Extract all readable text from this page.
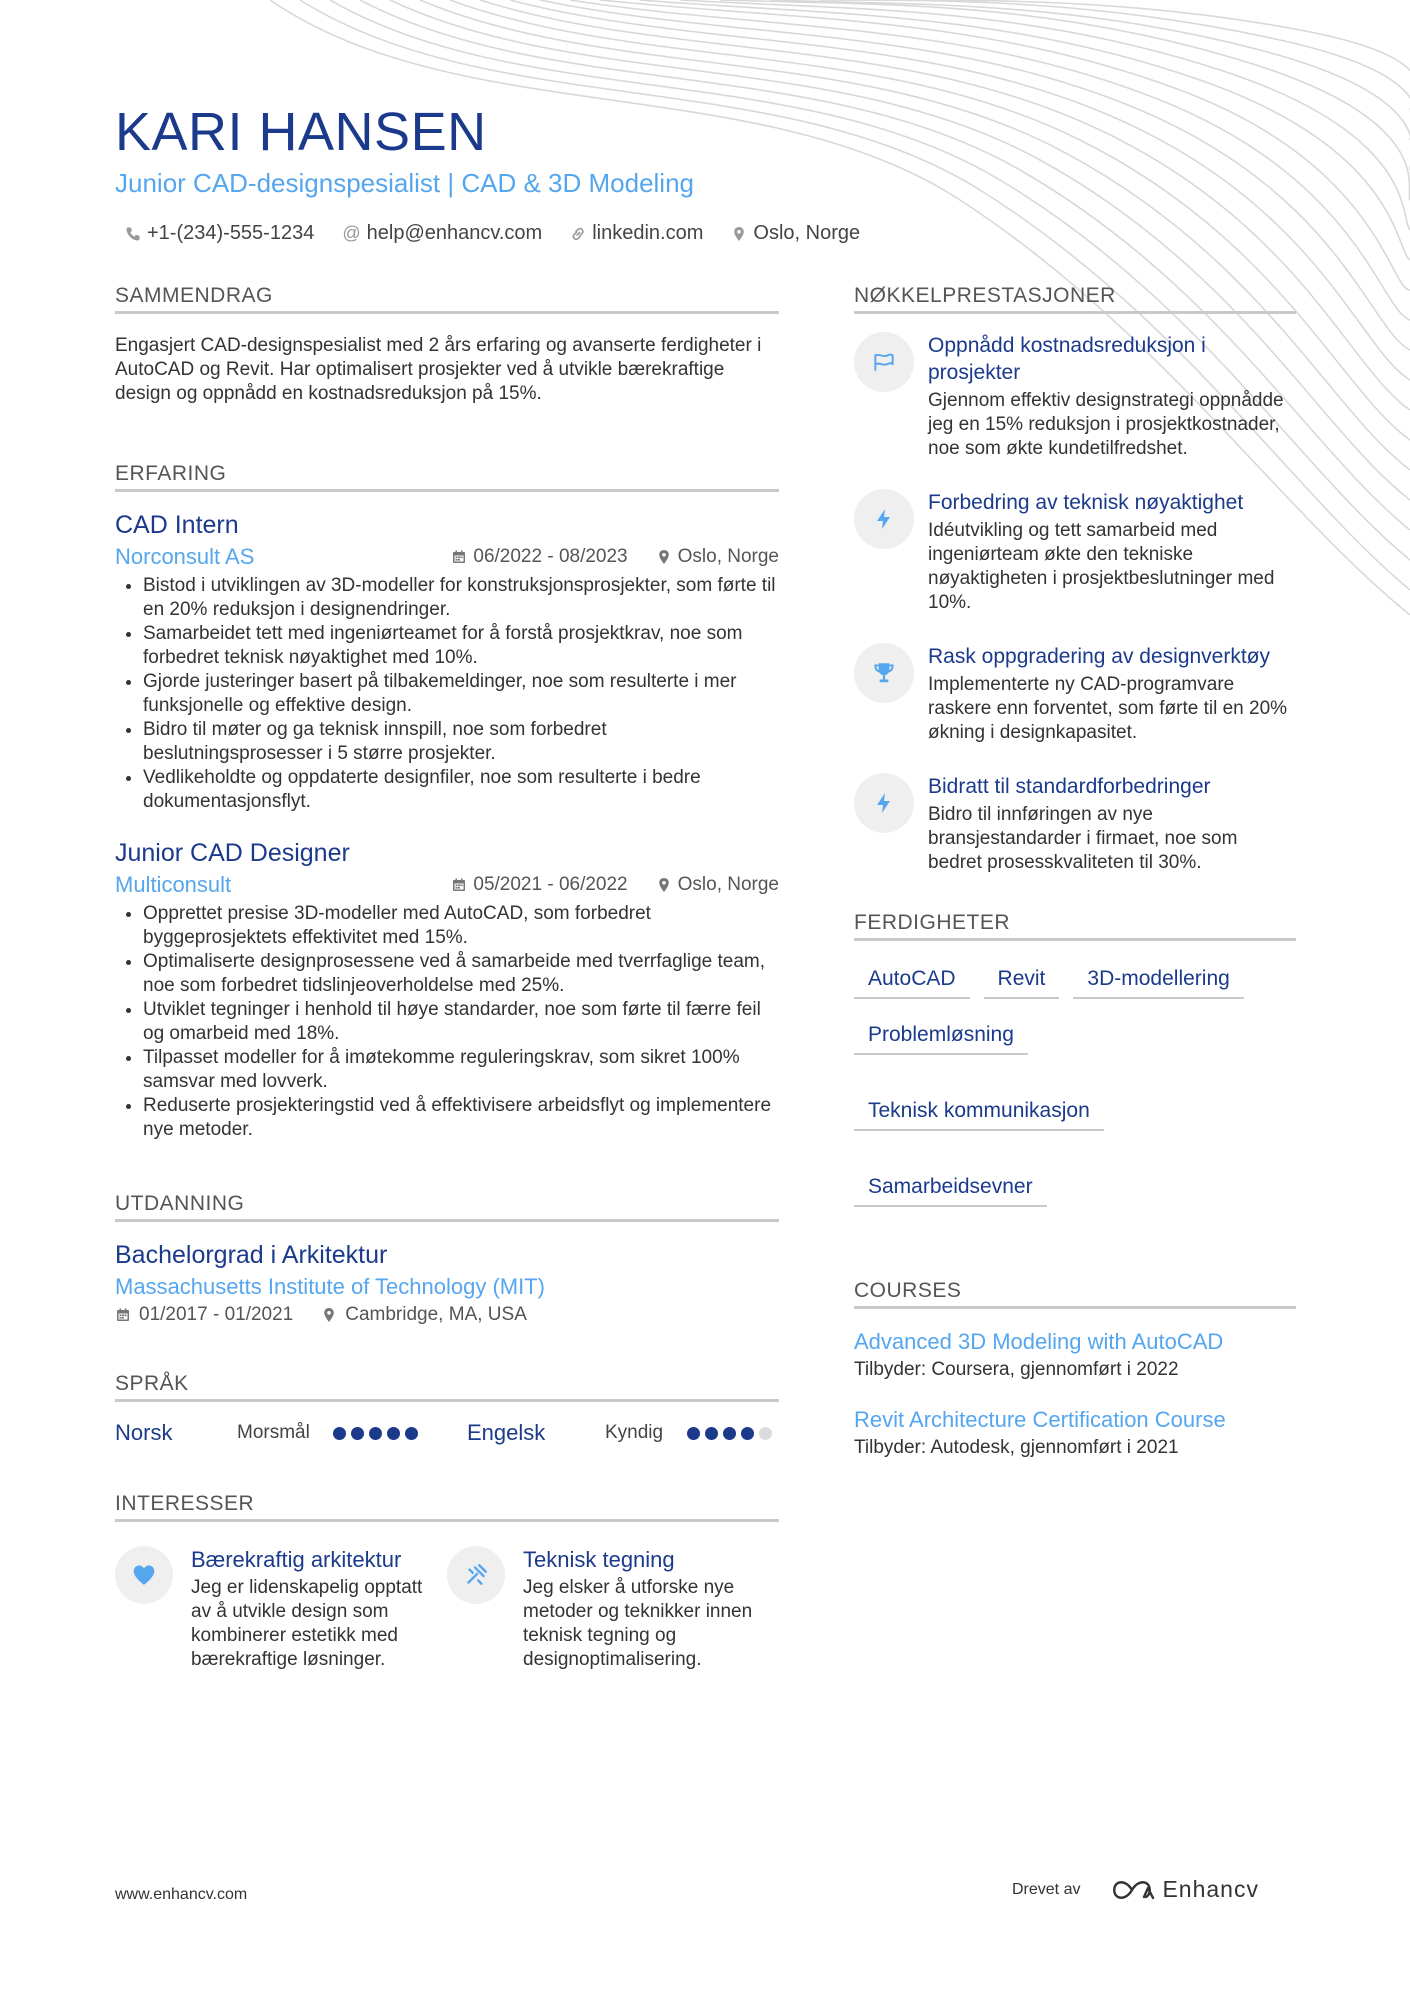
KARI HANSEN
Junior CAD-designspesialist | CAD & 3D Modeling
+1-(234)-555-1234 @ help@enhancv.com	linkedin.com	Oslo, Norge
SAMMENDRAG
Engasjert CAD-designspesialist med 2 års erfaring og avanserte ferdigheter i AutoCAD og Revit. Har optimalisert prosjekter ved å utvikle bærekraftige design og oppnådd en kostnadsreduksjon på 15%.
ERFARING
CAD Intern
Norconsult AS	06/2022 - 08/2023	Oslo, Norge
• Bistod i utviklingen av 3D-modeller for konstruksjonsprosjekter, som førte til en 20% reduksjon i designendringer.
• Samarbeidet tett med ingeniørteamet for å forstå prosjektkrav, noe som forbedret teknisk nøyaktighet med 10%.
• Gjorde justeringer basert på tilbakemeldinger, noe som resulterte i mer funksjonelle og effektive design.
• Bidro til møter og ga teknisk innspill, noe som forbedret beslutningsprosesser i 5 større prosjekter.
• Vedlikeholdte og oppdaterte designfiler, noe som resulterte i bedre dokumentasjonsflyt.
Junior CAD Designer
Multiconsult	05/2021 - 06/2022	Oslo, Norge
• Opprettet presise 3D-modeller med AutoCAD, som forbedret byggeprosjektets effektivitet med 15%.
• Optimaliserte designprosessene ved å samarbeide med tverrfaglige team, noe som forbedret tidslinjeoverholdelse med 25%.
• Utviklet tegninger i henhold til høye standarder, noe som førte til færre feil og omarbeid med 18%.
• Tilpasset modeller for å imøtekomme reguleringskrav, som sikret 100% samsvar med lovverk.
• Reduserte prosjekteringstid ved å effektivisere arbeidsflyt og implementere nye metoder.
UTDANNING
Bachelorgrad i Arkitektur
Massachusetts Institute of Technology (MIT)
01/2017 - 01/2021	Cambridge, MA, USA
SPRÅK
Norsk	Morsmål	Engelsk	Kyndig
INTERESSER
Bærekraftig arkitektur
Jeg er lidenskapelig opptatt av å utvikle design som kombinerer estetikk med bærekraftige løsninger.
Teknisk tegning
Jeg elsker å utforske nye metoder og teknikker innen teknisk tegning og designoptimalisering.
NØKKELPRESTASJONER
Oppnådd kostnadsreduksjon i prosjekter
Gjennom effektiv designstrategi oppnådde jeg en 15% reduksjon i prosjektkostnader, noe som økte kundetilfredshet.
Forbedring av teknisk nøyaktighet
Idéutvikling og tett samarbeid med ingeniørteam økte den tekniske nøyaktigheten i prosjektbeslutninger med 10%.
Rask oppgradering av designverktøy
Implementerte ny CAD-programvare raskere enn forventet, som førte til en 20% økning i designkapasitet.
Bidratt til standardforbedringer
Bidro til innføringen av nye bransjestandarder i firmaet, noe som bedret prosesskvaliteten til 30%.
FERDIGHETER
AutoCAD	Revit	3D-modellering
Problemløsning
Teknisk kommunikasjon
Samarbeidsevner
COURSES
Advanced 3D Modeling with AutoCAD
Tilbyder: Coursera, gjennomført i 2022
Revit Architecture Certification Course
Tilbyder: Autodesk, gjennomført i 2021
www.enhancv.com	Drevet av	Enhancv
